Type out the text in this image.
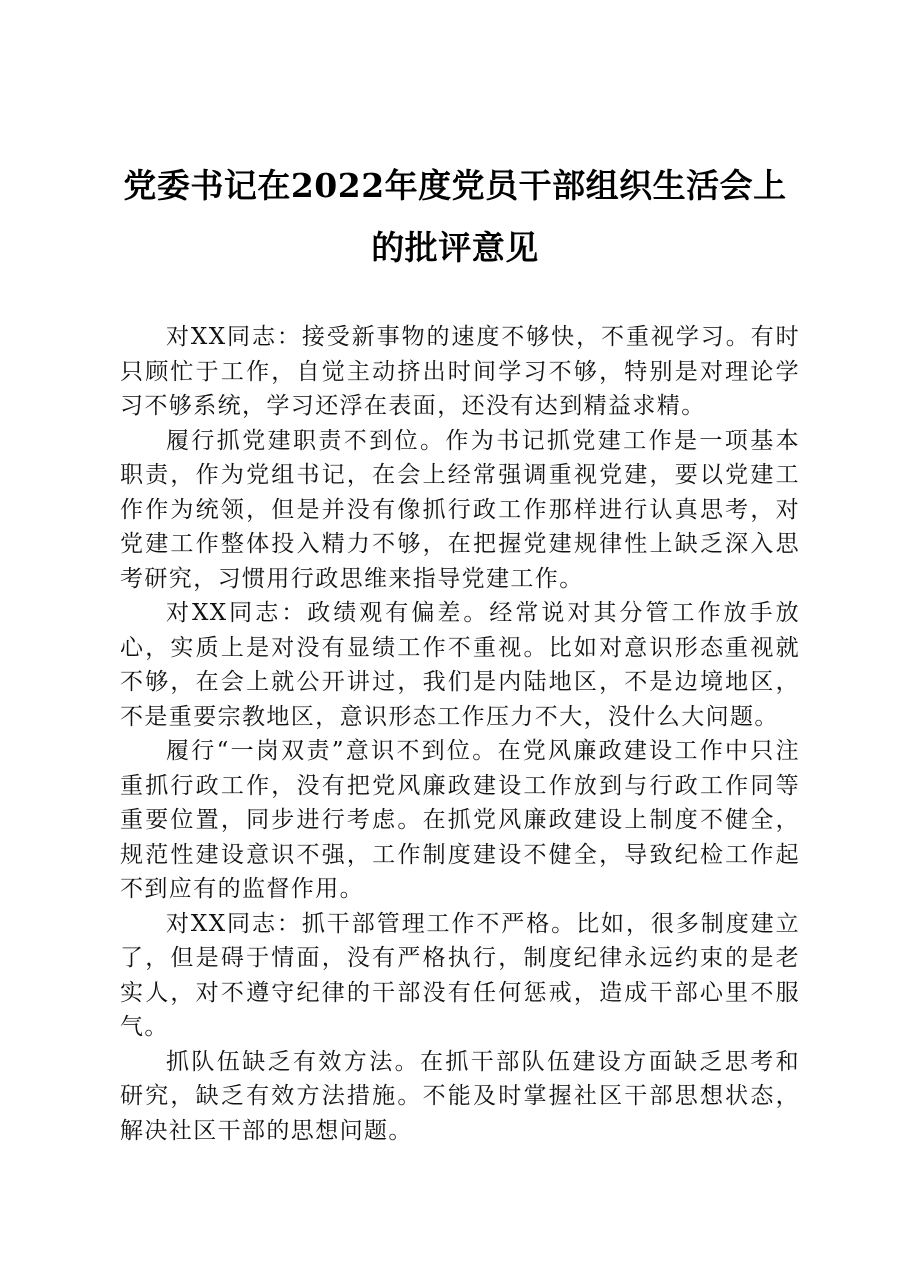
党委书记在2022年度党员干部组织生活会上的批评意见

对XX同志：接受新事物的速度不够快，不重视学习。有时只顾忙于工作，自觉主动挤出时间学习不够，特别是对理论学习不够系统，学习还浮在表面，还没有达到精益求精。

履行抓党建职责不到位。作为书记抓党建工作是一项基本职责，作为党组书记，在会上经常强调重视党建，要以党建工作作为统领，但是并没有像抓行政工作那样进行认真思考，对党建工作整体投入精力不够，在把握党建规律性上缺乏深入思考研究，习惯用行政思维来指导党建工作。

对XX同志：政绩观有偏差。经常说对其分管工作放手放心，实质上是对没有显绩工作不重视。比如对意识形态重视就不够，在会上就公开讲过，我们是内陆地区，不是边境地区，不是重要宗教地区，意识形态工作压力不大，没什么大问题。

履行“一岗双责”意识不到位。在党风廉政建设工作中只注重抓行政工作，没有把党风廉政建设工作放到与行政工作同等重要位置，同步进行考虑。在抓党风廉政建设上制度不健全，规范性建设意识不强，工作制度建设不健全，导致纪检工作起不到应有的监督作用。

对XX同志：抓干部管理工作不严格。比如，很多制度建立了，但是碍于情面，没有严格执行，制度纪律永远约束的是老实人，对不遵守纪律的干部没有任何惩戒，造成干部心里不服气。

抓队伍缺乏有效方法。在抓干部队伍建设方面缺乏思考和研究，缺乏有效方法措施。不能及时掌握社区干部思想状态，解决社区干部的思想问题。
